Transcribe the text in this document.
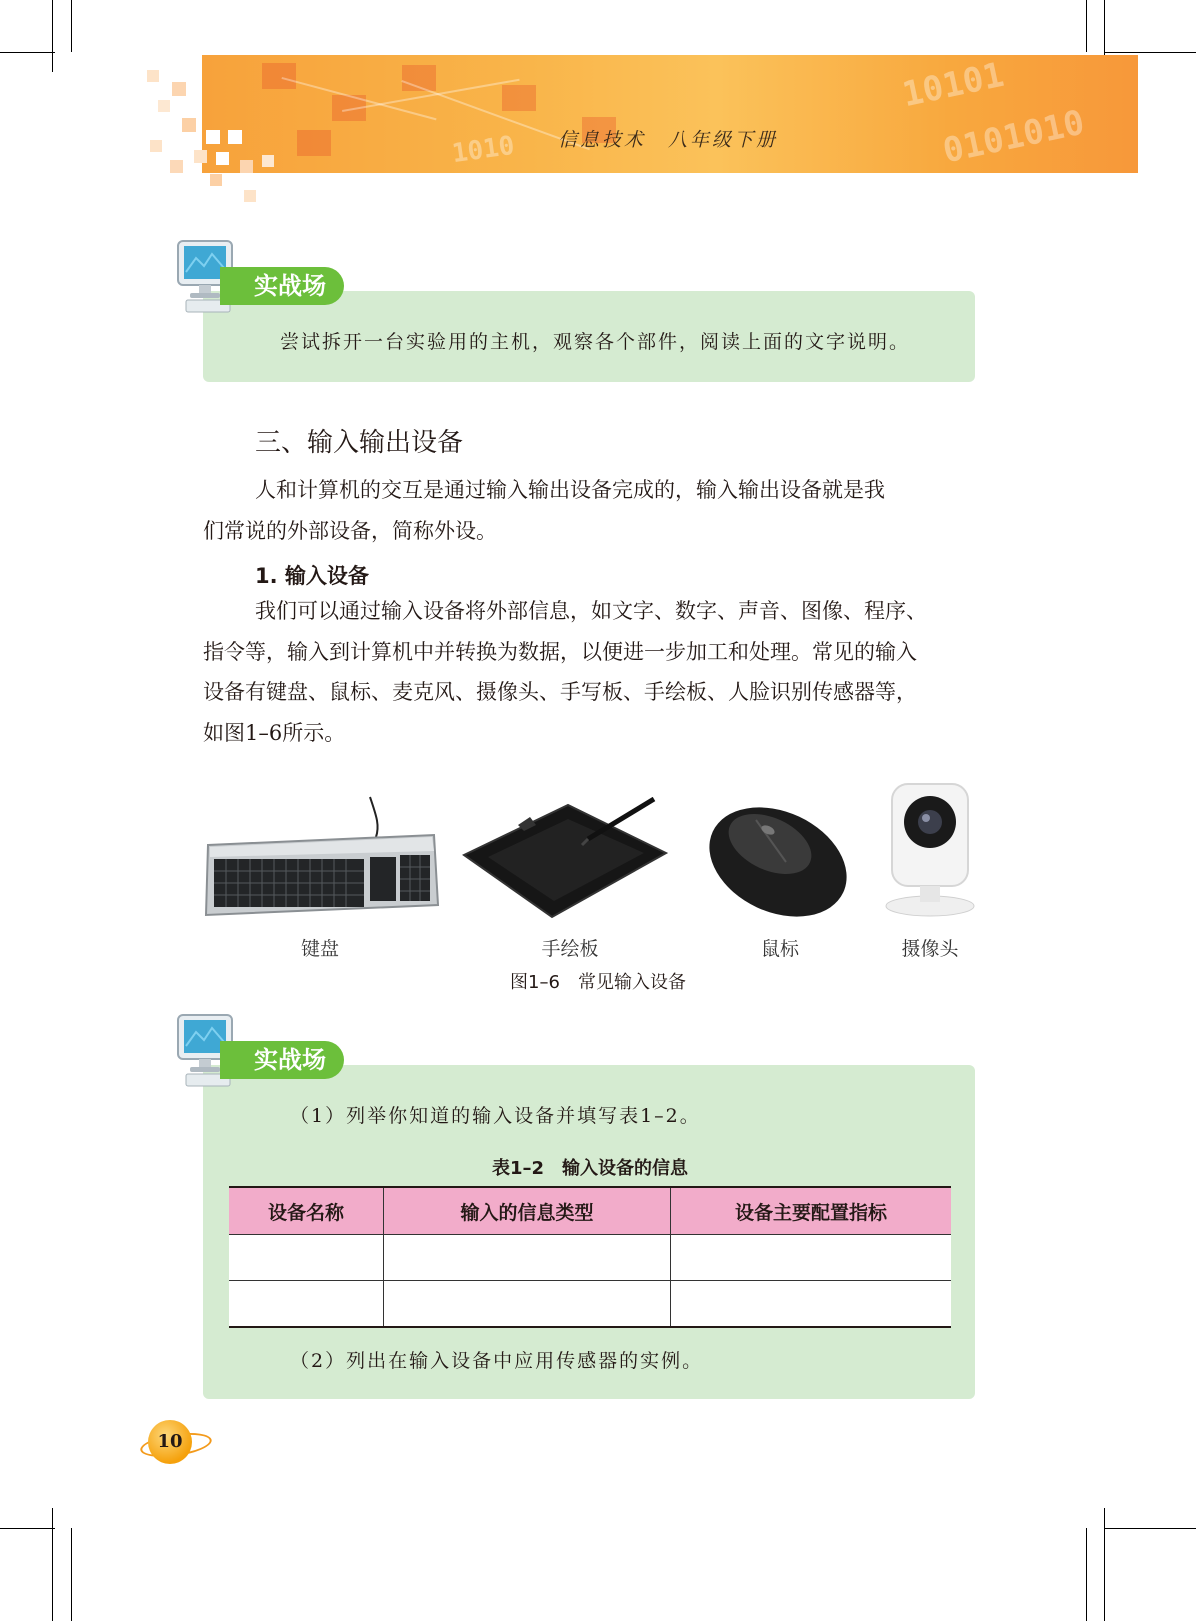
10101
0101010
1010	信息技术　八年级下册
实战场
尝试拆开一台实验用的主机，观察各个部件，阅读上面的文字说明。
三、输入输出设备
人和计算机的交互是通过输入输出设备完成的，输入输出设备就是我
们常说的外部设备，简称外设。
1. 输入设备
我们可以通过输入设备将外部信息，如文字、数字、声音、图像、程序、
指令等，输入到计算机中并转换为数据，以便进一步加工和处理。常见的输入
设备有键盘、鼠标、麦克风、摄像头、手写板、手绘板、人脸识别传感器等，
如图1–6所示。
键盘	手绘板	鼠标	摄像头
图1–6　常见输入设备
实战场
（1）列举你知道的输入设备并填写表1–2。
表1–2　输入设备的信息
设备名称	输入的信息类型	设备主要配置指标

（2）列出在输入设备中应用传感器的实例。
10
